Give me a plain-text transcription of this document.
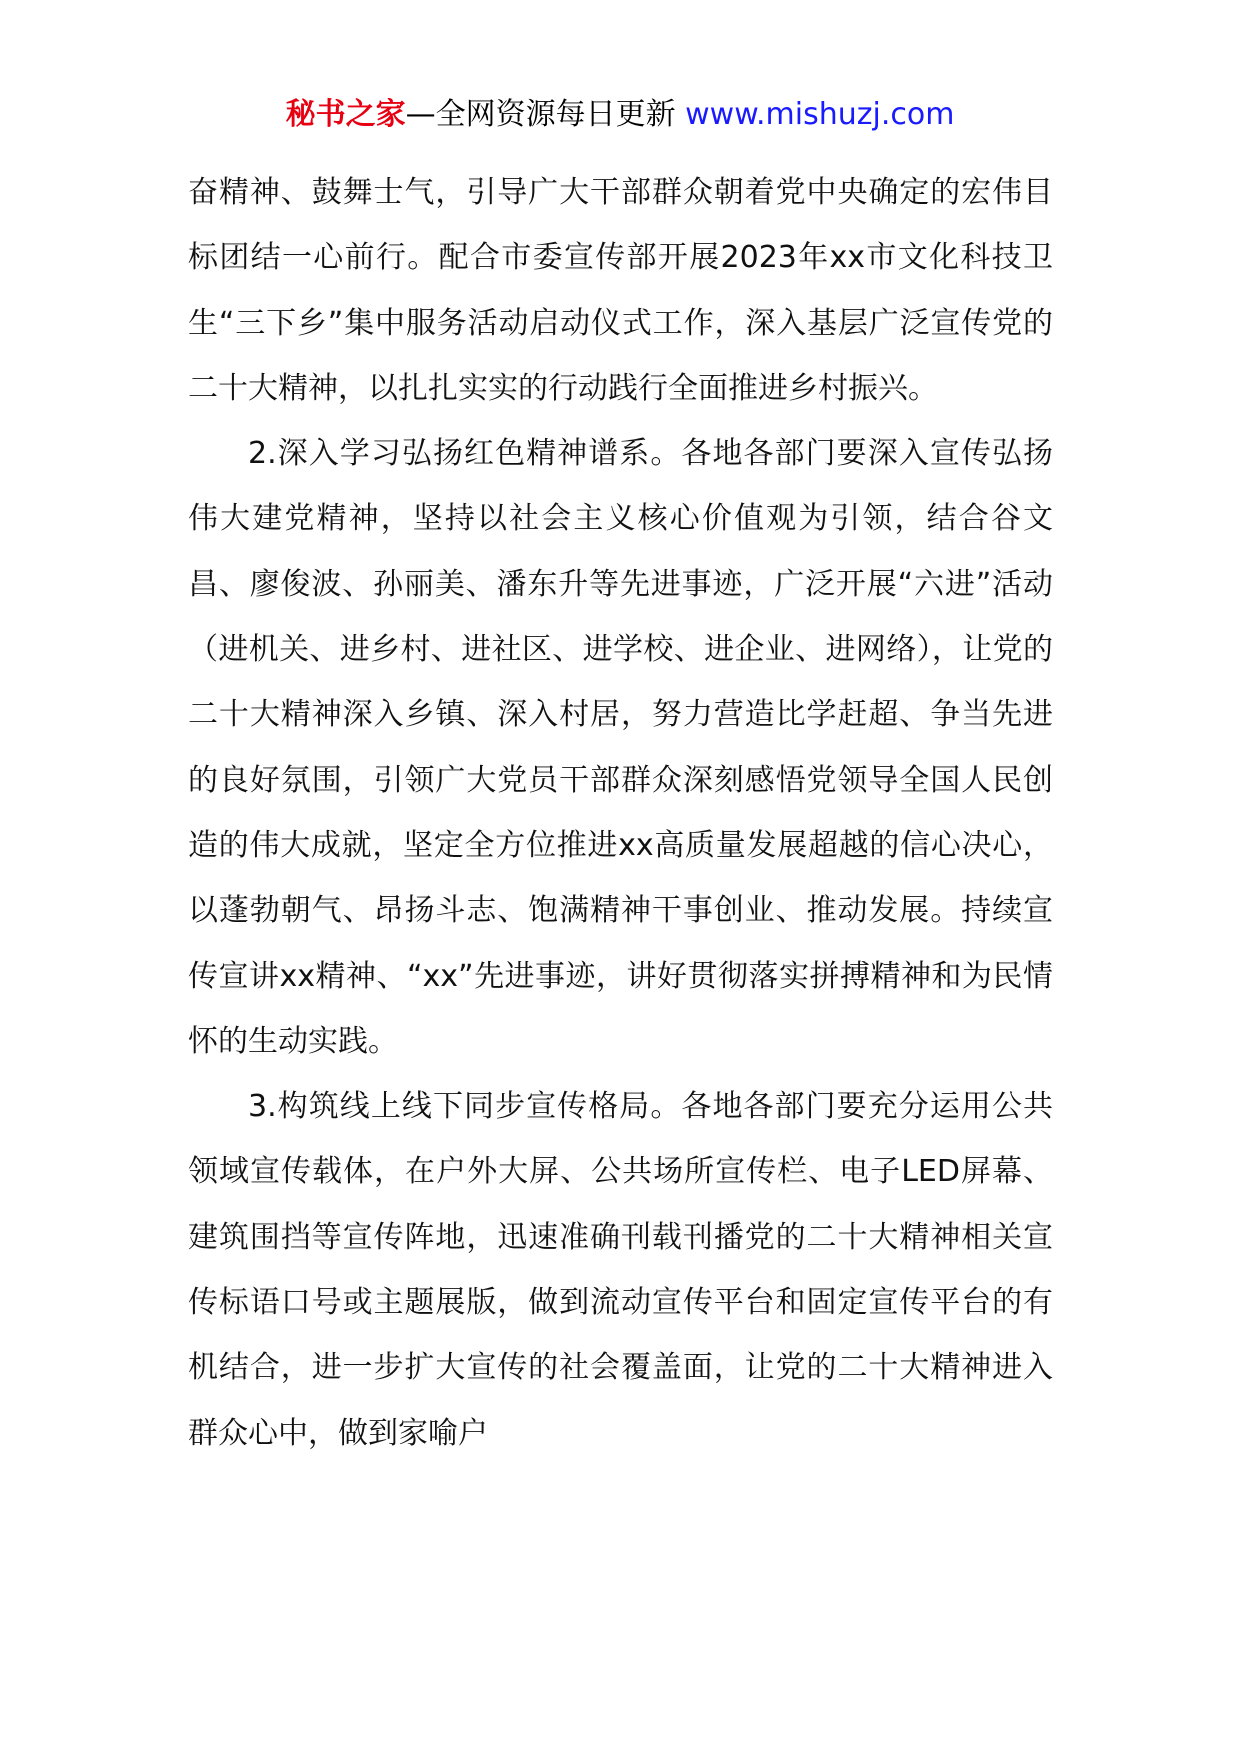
秘书之家—全网资源每日更新 www.mishuzj.com

奋精神、鼓舞士气，引导广大干部群众朝着党中央确定的宏伟目标团结一心前行。配合市委宣传部开展2023年xx市文化科技卫生“三下乡”集中服务活动启动仪式工作，深入基层广泛宣传党的二十大精神，以扎扎实实的行动践行全面推进乡村振兴。

2.深入学习弘扬红色精神谱系。各地各部门要深入宣传弘扬伟大建党精神，坚持以社会主义核心价值观为引领，结合谷文昌、廖俊波、孙丽美、潘东升等先进事迹，广泛开展“六进”活动（进机关、进乡村、进社区、进学校、进企业、进网络），让党的二十大精神深入乡镇、深入村居，努力营造比学赶超、争当先进的良好氛围，引领广大党员干部群众深刻感悟党领导全国人民创造的伟大成就，坚定全方位推进xx高质量发展超越的信心决心，以蓬勃朝气、昂扬斗志、饱满精神干事创业、推动发展。持续宣传宣讲xx精神、“xx”先进事迹，讲好贯彻落实拼搏精神和为民情怀的生动实践。

3.构筑线上线下同步宣传格局。各地各部门要充分运用公共领域宣传载体，在户外大屏、公共场所宣传栏、电子LED屏幕、建筑围挡等宣传阵地，迅速准确刊载刊播党的二十大精神相关宣传标语口号或主题展版，做到流动宣传平台和固定宣传平台的有机结合，进一步扩大宣传的社会覆盖面，让党的二十大精神进入群众心中，做到家喻户
